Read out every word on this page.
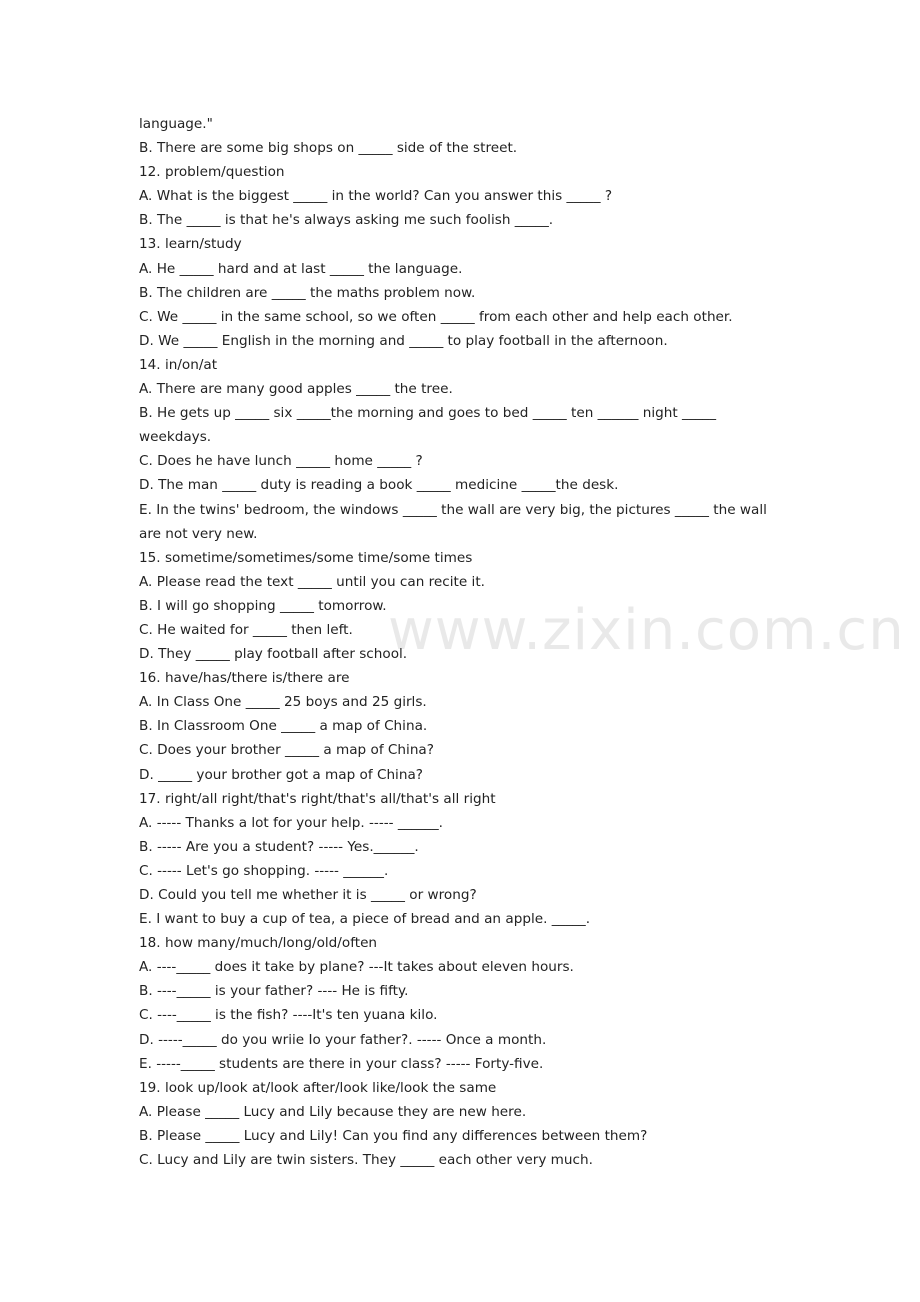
www.zixin.com.cn
language."
B. There are some big shops on _____ side of the street.
12. problem/question
A. What is the biggest _____ in the world? Can you answer this _____ ?
B. The _____ is that he's always asking me such foolish _____.
13. learn/study
A. He _____ hard and at last _____ the language.
B. The children are _____ the maths problem now.
C. We _____ in the same school, so we often _____ from each other and help each other.
D. We _____ English in the morning and _____ to play football in the afternoon.
14. in/on/at
A. There are many good apples _____ the tree.
B. He gets up _____ six _____the morning and goes to bed _____ ten ______ night _____ weekdays.
C. Does he have lunch _____ home _____ ?
D. The man _____ duty is reading a book _____ medicine _____the desk.
E. In the twins' bedroom, the windows _____ the wall are very big, the pictures _____ the wall are not very new.
15. sometime/sometimes/some time/some times
A. Please read the text _____ until you can recite it.
B. I will go shopping _____ tomorrow.
C. He waited for _____ then left.
D. They _____ play football after school.
16. have/has/there is/there are
A. In Class One _____ 25 boys and 25 girls.
B. In Classroom One _____ a map of China.
C. Does your brother _____ a map of China?
D. _____ your brother got a map of China?
17. right/all right/that's right/that's all/that's all right
A. ----- Thanks a lot for your help. ----- ______.
B. ----- Are you a student? ----- Yes.______.
C. ----- Let's go shopping. ----- ______.
D. Could you tell me whether it is _____ or wrong?
E. I want to buy a cup of tea, a piece of bread and an apple. _____.
18. how many/much/long/old/often
A. ----_____ does it take by plane? ---It takes about eleven hours.
B. ----_____ is your father? ---- He is fifty.
C. ----_____ is the fish? ----It's ten yuana kilo.
D. -----_____ do you wriie Io your father?. ----- Once a month.
E. -----_____ students are there in your class? ----- Forty-five.
19. look up/look at/look after/look like/look the same
A. Please _____ Lucy and Lily because they are new here.
B. Please _____ Lucy and Lily! Can you find any differences between them?
C. Lucy and Lily are twin sisters. They _____ each other very much.
